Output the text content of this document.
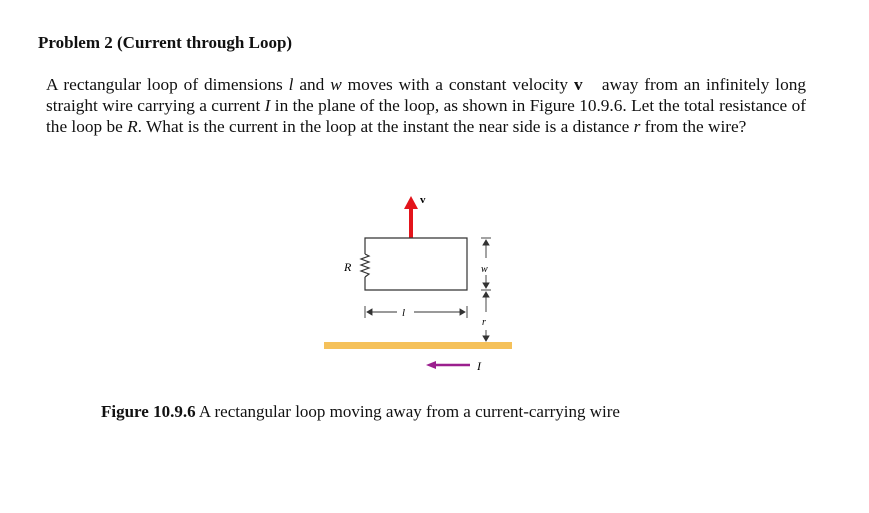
Problem 2 (Current through Loop)

A rectangular loop of dimensions l and w moves with a constant velocity v⃗ away from an infinitely long straight wire carrying a current I in the plane of the loop, as shown in Figure 10.9.6. Let the total resistance of the loop be R. What is the current in the loop at the instant the near side is a distance r from the wire?

v⃗
R	w
r
l
I

Figure 10.9.6 A rectangular loop moving away from a current-carrying wire
